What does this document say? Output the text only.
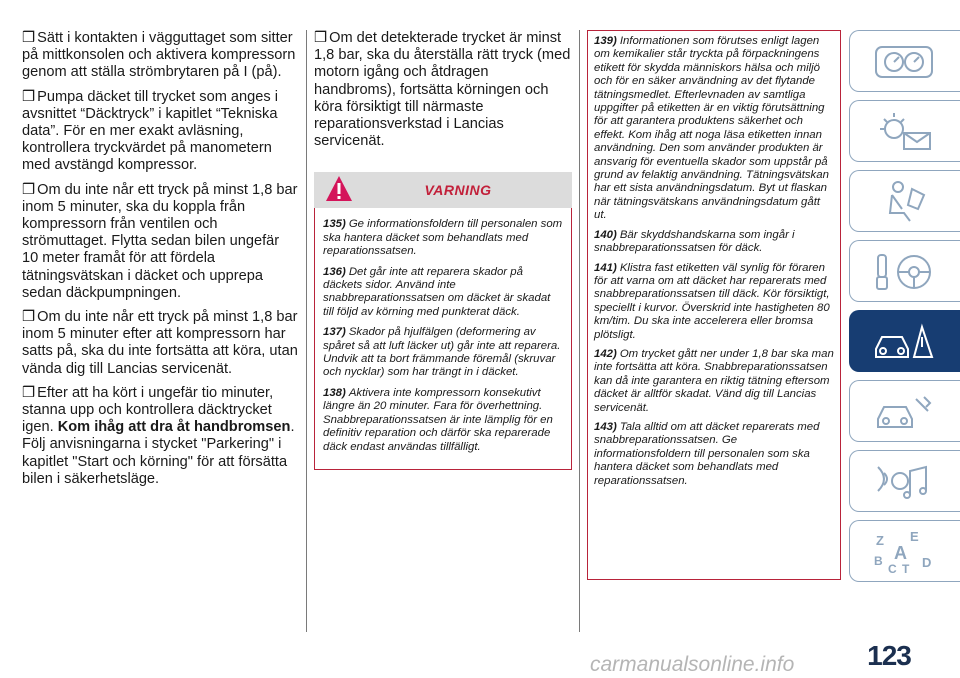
❒ Sätt i kontakten i vägguttaget som sitter på mittkonsolen och aktivera kompressorn genom att ställa strömbrytaren på I (på).

❒ Pumpa däcket till trycket som anges i avsnittet “Däcktryck” i kapitlet “Tekniska data”. För en mer exakt avläsning, kontrollera tryckvärdet på manometern med avstängd kompressor.

❒ Om du inte når ett tryck på minst 1,8 bar inom 5 minuter, ska du koppla från kompressorn från ventilen och strömuttaget. Flytta sedan bilen ungefär 10 meter framåt för att fördela tätningsvätskan i däcket och upprepa sedan däckpumpningen.

❒ Om du inte når ett tryck på minst 1,8 bar inom 5 minuter efter att kompressorn har satts på, ska du inte fortsätta att köra, utan vända dig till Lancias servicenät.

❒ Efter att ha kört i ungefär tio minuter, stanna upp och kontrollera däcktrycket igen. Kom ihåg att dra åt handbromsen. Följ anvisningarna i stycket "Parkering" i kapitlet "Start och körning" för att försätta bilen i säkerhetsläge.

❒ Om det detekterade trycket är minst 1,8 bar, ska du återställa rätt tryck (med motorn igång och åtdragen handbroms), fortsätta körningen och köra försiktigt till närmaste reparationsverkstad i Lancias servicenät.

VARNING

135) Ge informationsfoldern till personalen som ska hantera däcket som behandlats med reparationssatsen.

136) Det går inte att reparera skador på däckets sidor. Använd inte snabbreparationssatsen om däcket är skadat till följd av körning med punkterat däck.

137) Skador på hjulfälgen (deformering av spåret så att luft läcker ut) går inte att reparera. Undvik att ta bort främmande föremål (skruvar och nycklar) som har trängt in i däcket.

138) Aktivera inte kompressorn konsekutivt längre än 20 minuter. Fara för överhettning. Snabbreparationssatsen är inte lämplig för en definitiv reparation och därför ska reparerade däck endast användas tillfälligt.

139) Informationen som förutses enligt lagen om kemikalier står tryckta på förpackningens etikett för skydda människors hälsa och miljö och för en säker användning av det flytande tätningsmedlet. Efterlevnaden av samtliga uppgifter på etiketten är en viktig förutsättning för att garantera produktens säkerhet och effekt. Kom ihåg att noga läsa etiketten innan användning. Den som använder produkten är ansvarig för eventuella skador som uppstår på grund av felaktig användning. Tätningsvätskan har ett sista användningsdatum. Byt ut flaskan när tätningsvätskans användningsdatum gått ut.

140) Bär skyddshandskarna som ingår i snabbreparationssatsen för däck.

141) Klistra fast etiketten väl synlig för föraren för att varna om att däcket har reparerats med snabbreparationssatsen till däck. Kör försiktigt, speciellt i kurvor. Överskrid inte hastigheten 80 km/tim. Du ska inte accelerera eller bromsa plötsligt.

142) Om trycket gått ner under 1,8 bar ska man inte fortsätta att köra. Snabbreparationssatsen kan då inte garantera en riktig tätning eftersom däcket är alltför skadat. Vänd dig till Lancias servicenät.

143) Tala alltid om att däcket reparerats med snabbreparationssatsen. Ge informationsfoldern till personalen som ska hantera däcket som behandlats med reparationssatsen.

Z E
B A
C T D
123
carmanualsonline.info
